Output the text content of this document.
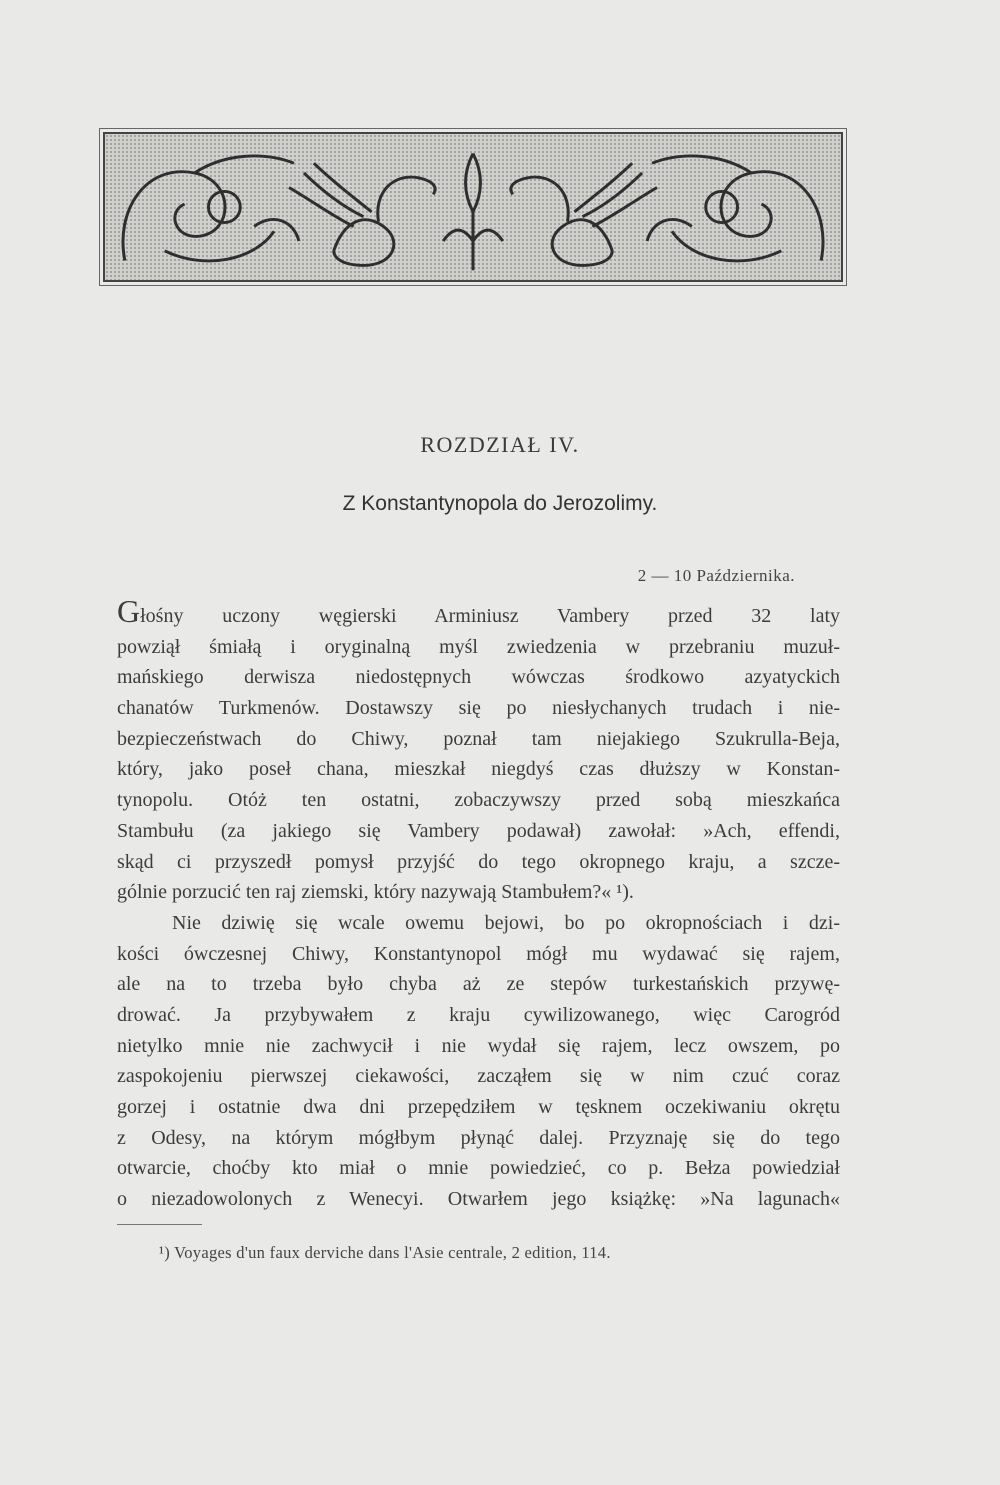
ROZDZIAŁ IV.
Z Konstantynopola do Jerozolimy.
2 — 10 Października.
Głośny uczony węgierski Arminiusz Vambery przed 32 laty
powziął śmiałą i oryginalną myśl zwiedzenia w przebraniu muzuł-
mańskiego derwisza niedostępnych wówczas środkowo azyatyckich
chanatów Turkmenów. Dostawszy się po niesłychanych trudach i nie-
bezpieczeństwach do Chiwy, poznał tam niejakiego Szukrulla-Beja,
który, jako poseł chana, mieszkał niegdyś czas dłuższy w Konstan-
tynopolu. Otóż ten ostatni, zobaczywszy przed sobą mieszkańca
Stambułu (za jakiego się Vambery podawał) zawołał: »Ach, effendi,
skąd ci przyszedł pomysł przyjść do tego okropnego kraju, a szcze-
gólnie porzucić ten raj ziemski, który nazywają Stambułem?« ¹).
Nie dziwię się wcale owemu bejowi, bo po okropnościach i dzi-
kości ówczesnej Chiwy, Konstantynopol mógł mu wydawać się rajem,
ale na to trzeba było chyba aż ze stepów turkestańskich przywę-
drować. Ja przybywałem z kraju cywilizowanego, więc Carogród
nietylko mnie nie zachwycił i nie wydał się rajem, lecz owszem, po
zaspokojeniu pierwszej ciekawości, zacząłem się w nim czuć coraz
gorzej i ostatnie dwa dni przepędziłem w tęsknem oczekiwaniu okrętu
z Odesy, na którym mógłbym płynąć dalej. Przyznaję się do tego
otwarcie, choćby kto miał o mnie powiedzieć, co p. Bełza powiedział
o niezadowolonych z Wenecyi. Otwarłem jego książkę: »Na lagunach«
¹) Voyages d'un faux derviche dans l'Asie centrale, 2 edition, 114.
